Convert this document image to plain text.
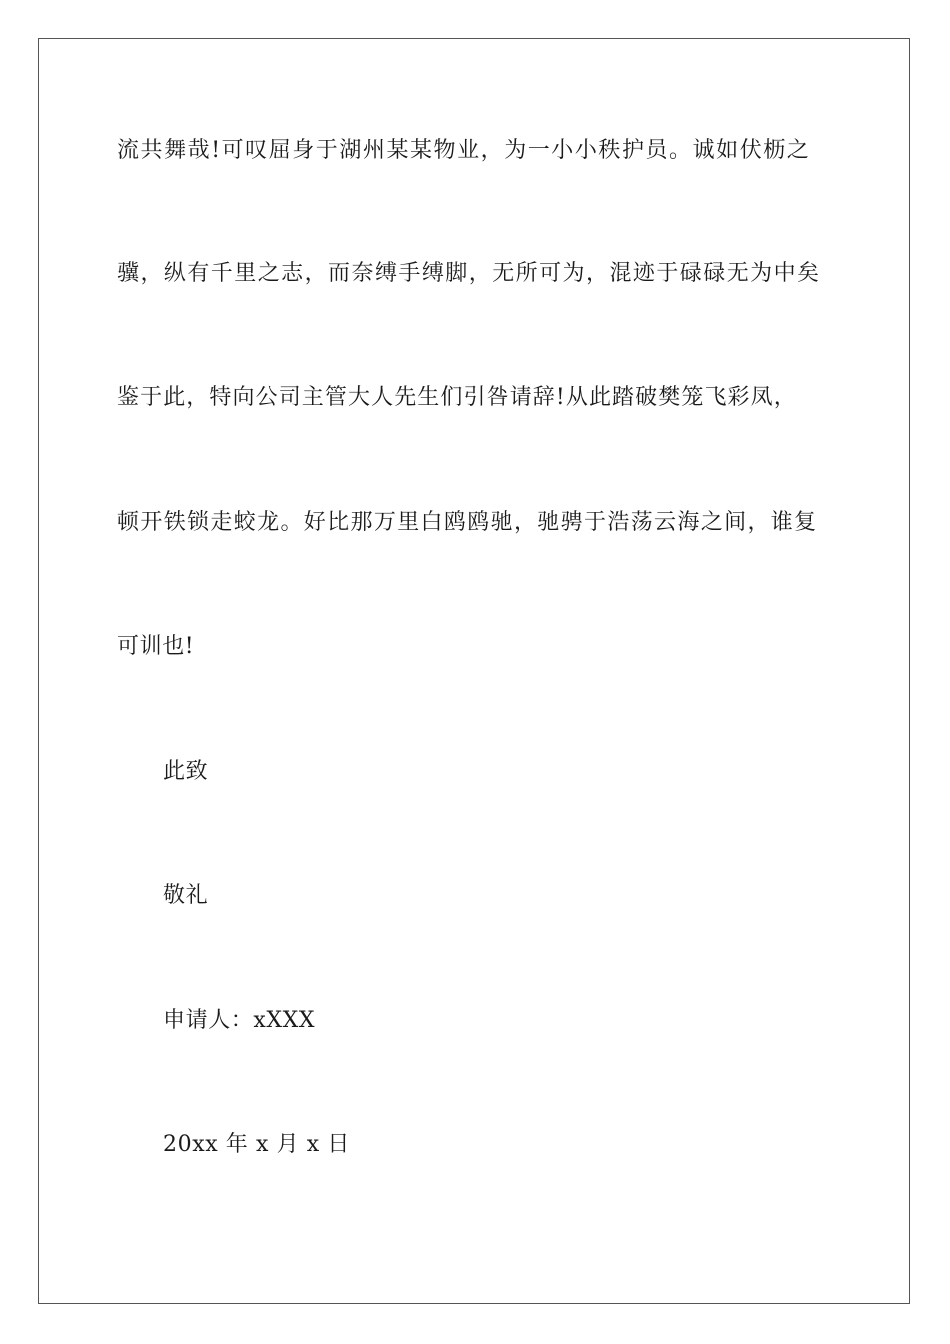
流共舞哉!可叹屈身于湖州某某物业，为一小小秩护员。诚如伏枥之
骥，纵有千里之志，而奈缚手缚脚，无所可为，混迹于碌碌无为中矣
鉴于此，特向公司主管大人先生们引咎请辞!从此踏破樊笼飞彩凤，
顿开铁锁走蛟龙。好比那万里白鸥鸥驰，驰骋于浩荡云海之间，谁复
可训也!
此致
敬礼
申请人：xXXX
20xx 年 x 月 x 日
